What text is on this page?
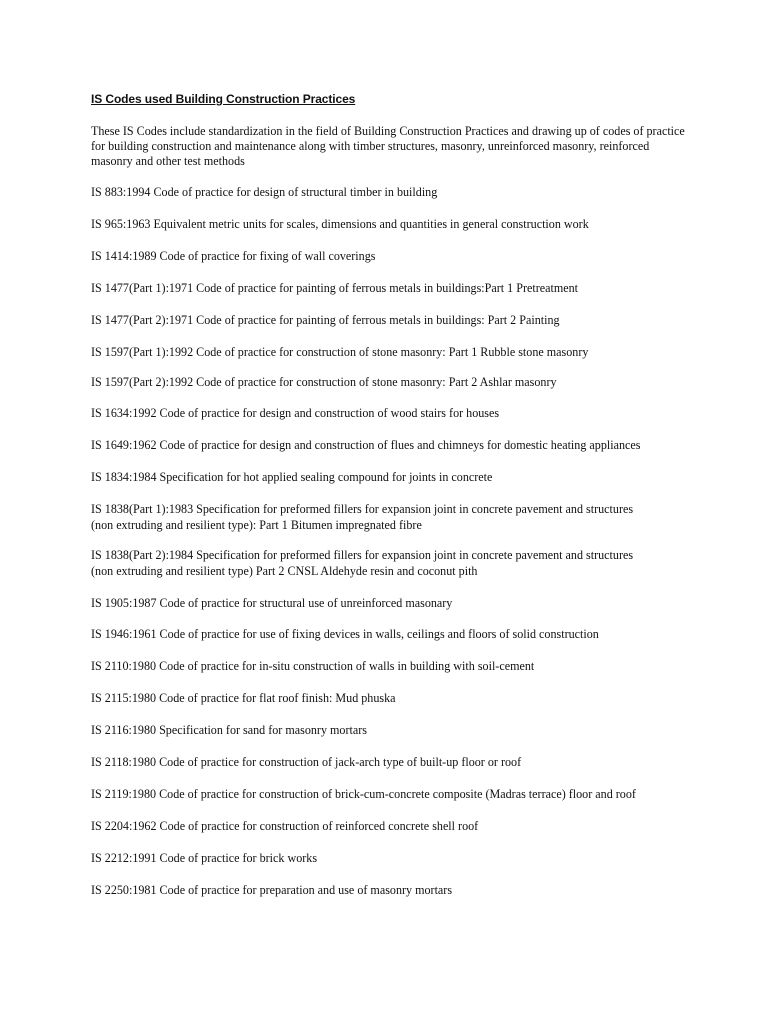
IS Codes used Building Construction Practices
These IS Codes include standardization in the field of Building Construction Practices and drawing up of codes of practice for building construction and maintenance along with timber structures, masonry, unreinforced masonry, reinforced masonry and other test methods
IS 883:1994 Code of practice for design of structural timber in building
IS 965:1963 Equivalent metric units for scales, dimensions and quantities in general construction work
IS 1414:1989 Code of practice for fixing of wall coverings
IS 1477(Part 1):1971 Code of practice for painting of ferrous metals in buildings:Part 1 Pretreatment
IS 1477(Part 2):1971 Code of practice for painting of ferrous metals in buildings: Part 2 Painting
IS 1597(Part 1):1992 Code of practice for construction of stone masonry: Part 1 Rubble stone masonry
IS 1597(Part 2):1992 Code of practice for construction of stone masonry: Part 2 Ashlar masonry
IS 1634:1992 Code of practice for design and construction of wood stairs for houses
IS 1649:1962 Code of practice for design and construction of flues and chimneys for domestic heating appliances
IS 1834:1984 Specification for hot applied sealing compound for joints in concrete
IS 1838(Part 1):1983 Specification for preformed fillers for expansion joint in concrete pavement and structures
(non extruding and resilient type): Part 1 Bitumen impregnated fibre
IS 1838(Part 2):1984 Specification for preformed fillers for expansion joint in concrete pavement and structures
(non extruding and resilient type) Part 2 CNSL Aldehyde resin and coconut pith
IS 1905:1987 Code of practice for structural use of unreinforced masonary
IS 1946:1961 Code of practice for use of fixing devices in walls, ceilings and floors of solid construction
IS 2110:1980 Code of practice for in-situ construction of walls in building with soil-cement
IS 2115:1980 Code of practice for flat roof finish: Mud phuska
IS 2116:1980 Specification for sand for masonry mortars
IS 2118:1980 Code of practice for construction of jack-arch type of built-up floor or roof
IS 2119:1980 Code of practice for construction of brick-cum-concrete composite (Madras terrace) floor and roof
IS 2204:1962 Code of practice for construction of reinforced concrete shell roof
IS 2212:1991 Code of practice for brick works
IS 2250:1981 Code of practice for preparation and use of masonry mortars
